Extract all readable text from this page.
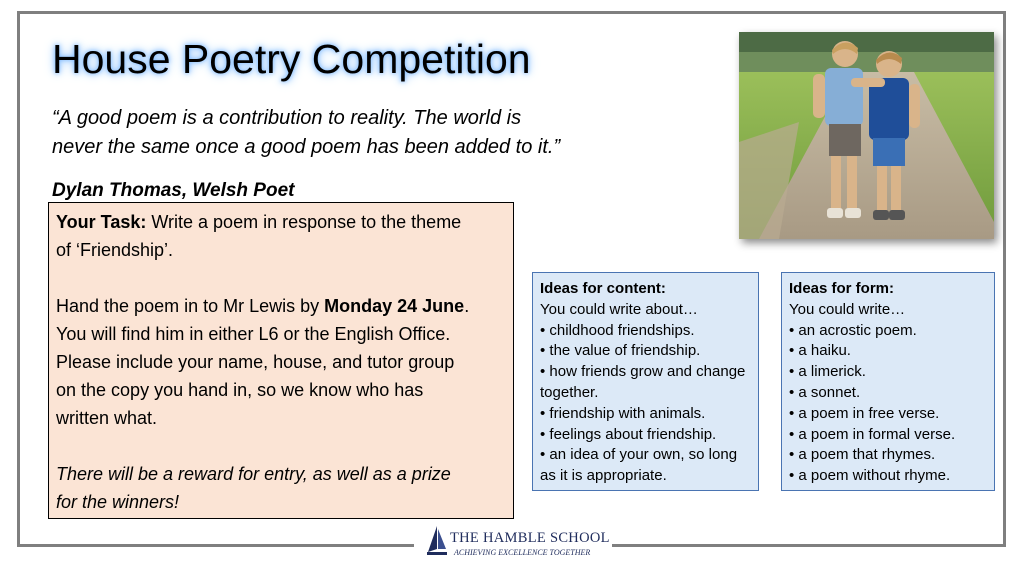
House Poetry Competition
“A good poem is a contribution to reality. The world is
never the same once a good poem has been added to it.”
Dylan Thomas, Welsh Poet

Your Task: Write a poem in response to the theme

of ‘Friendship’.

Hand the poem in to Mr Lewis by Monday 24 June.

You will find him in either L6 or the English Office.

Please include your name, house, and tutor group

on the copy you hand in, so we know who has

written what.

There will be a reward for entry, as well as a prize

for the winners!

Ideas for content:
You could write about…
• childhood friendships.
• the value of friendship.
• how friends grow and change together.
• friendship with animals.
• feelings about friendship.
• an idea of your own, so long as it is appropriate.
Ideas for form:
You could write…
• an acrostic poem.
• a haiku.
• a limerick.
• a sonnet.
• a poem in free verse.
• a poem in formal verse.
• a poem that rhymes.
• a poem without rhyme.
THE HAMBLE SCHOOL
ACHIEVING EXCELLENCE TOGETHER
